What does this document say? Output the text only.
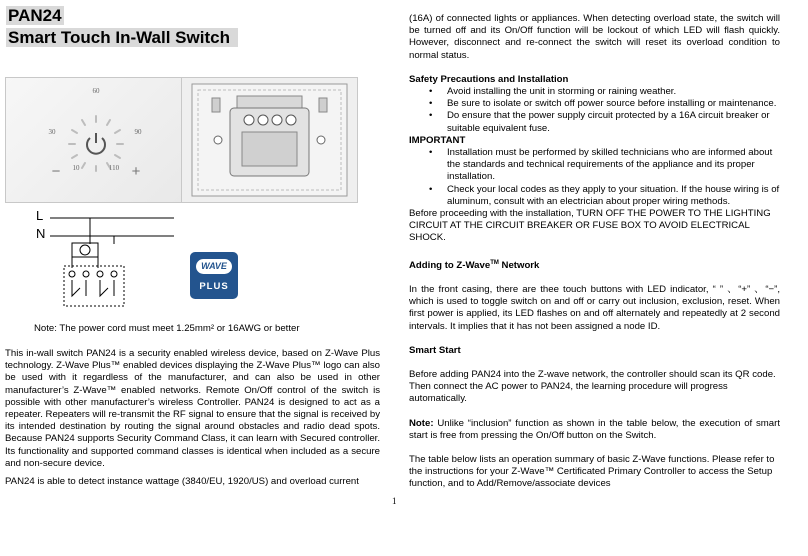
PAN24
Smart Touch In-Wall Switch
60
30	90
10	110
−	+
L
N
WAVE
PLUS

Note: The power cord must meet 1.25mm² or 16AWG or better

This in-wall switch PAN24 is a security enabled wireless device, based on Z-Wave Plus technology. Z-Wave Plus™ enabled devices displaying the Z-Wave Plus™ logo can also be used with it regardless of the manufacturer, and can also be used in other manufacturer’s Z-Wave™ enabled networks. Remote On/Off control of the switch is possible with other manufacturer’s wireless Controller. PAN24 is designed to act as a repeater. Repeaters will re-transmit the RF signal to ensure that the signal is received by its intended destination by routing the signal around obstacles and radio dead spots. Because PAN24 supports Security Command Class, it can learn with Secured controller. Its functionality and supported command classes is identical when included as a secure and non-secure device.

PAN24 is able to detect instance wattage (3840/EU, 1920/US) and overload current

1

(16A) of connected lights or appliances. When detecting overload state, the switch will be turned off and its On/Off function will be lockout of which LED will flash quickly. However, disconnect and re-connect the switch will reset its overload condition to normal status.

Safety Precautions and Installation

• Avoid installing the unit in storming or raining weather.
• Be sure to isolate or switch off power source before installing or maintenance.
• Do ensure that the power supply circuit protected by a 16A circuit breaker or suitable equivalent fuse.

IMPORTANT

• Installation must be performed by skilled technicians who are informed about the standards and technical requirements of the appliance and its proper installation.
• Check your local codes as they apply to your situation. If the house wiring is of aluminum, consult with an electrician about proper wiring methods.

Before proceeding with the installation, TURN OFF THE POWER TO THE LIGHTING CIRCUIT AT THE CIRCUIT BREAKER OR FUSE BOX TO AVOID ELECTRICAL SHOCK.

Adding to Z-Wave™ Network

In the front casing, there are thee touch buttons with LED indicator, “ ” 、“+” 、“−”, which is used to toggle switch on and off or carry out inclusion, exclusion, reset. When first power is applied, its LED flashes on and off alternately and repeatedly at 2 second intervals. It implies that it has not been assigned a node ID.

Smart Start

Before adding PAN24 into the Z-wave network, the controller should scan its QR code. Then connect the AC power to PAN24, the learning procedure will progress automatically.

Note: Unlike “inclusion” function as shown in the table below, the execution of smart start is free from pressing the On/Off button on the Switch.

The table below lists an operation summary of basic Z-Wave functions. Please refer to the instructions for your Z-Wave™ Certificated Primary Controller to access the Setup function, and to Add/Remove/associate devices
